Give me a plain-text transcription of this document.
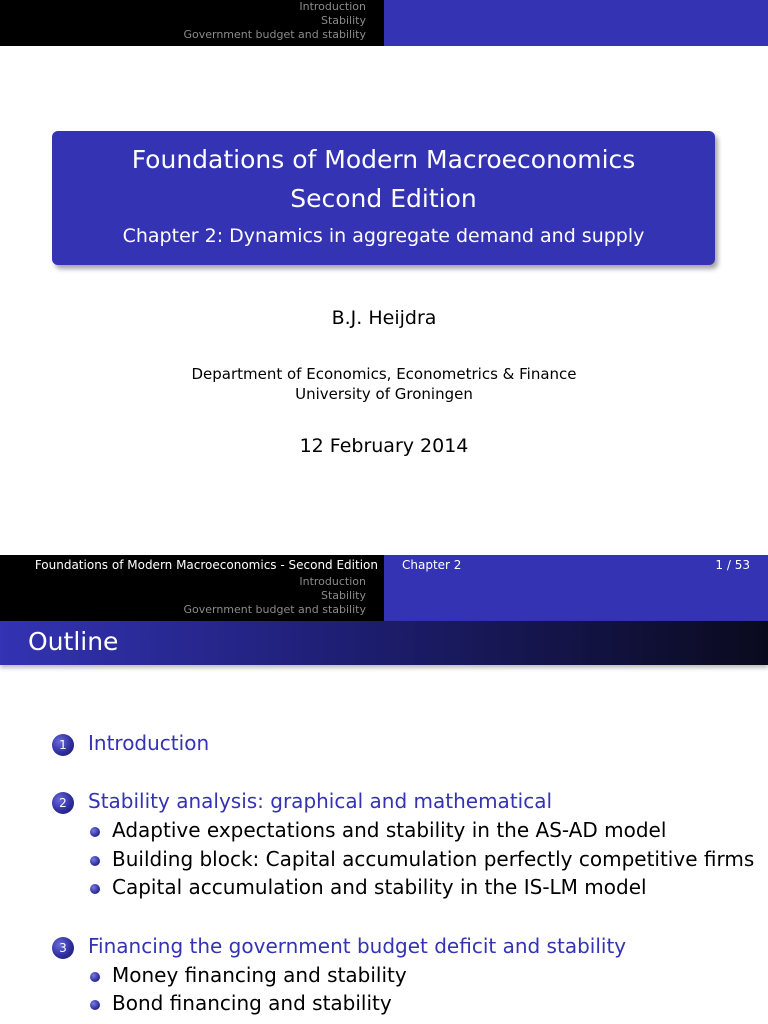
Introduction
Stability
Government budget and stability
Foundations of Modern Macroeconomics
Second Edition
Chapter 2: Dynamics in aggregate demand and supply
B.J. Heijdra
Department of Economics, Econometrics & Finance
University of Groningen
12 February 2014
Foundations of Modern Macroeconomics - Second Edition
Introduction
Stability
Government budget and stability
Chapter 2	1 / 53
Outline
1	Introduction
2	Stability analysis: graphical and mathematical
Adaptive expectations and stability in the AS-AD model
Building block: Capital accumulation perfectly competitive firms
Capital accumulation and stability in the IS-LM model
3	Financing the government budget deficit and stability
Money financing and stability
Bond financing and stability
